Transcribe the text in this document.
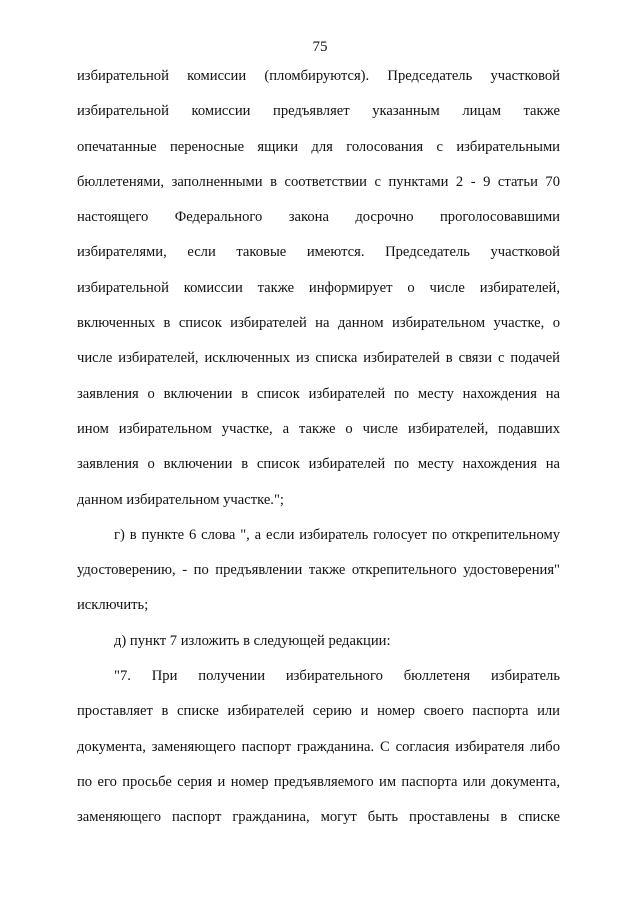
75
избирательной комиссии (пломбируются). Председатель участковой
избирательной комиссии предъявляет указанным лицам также
опечатанные переносные ящики для голосования с избирательными
бюллетенями, заполненными в соответствии с пунктами 2 - 9 статьи 70
настоящего Федерального закона досрочно проголосовавшими
избирателями, если таковые имеются. Председатель участковой
избирательной комиссии также информирует о числе избирателей,
включенных в список избирателей на данном избирательном участке, о
числе избирателей, исключенных из списка избирателей в связи с подачей
заявления о включении в список избирателей по месту нахождения на
ином избирательном участке, а также о числе избирателей, подавших
заявления о включении в список избирателей по месту нахождения на
данном избирательном участке.";
г) в пункте 6 слова ", а если избиратель голосует по открепительному
удостоверению, - по предъявлении также открепительного удостоверения"
исключить;
д) пункт 7 изложить в следующей редакции:
"7. При получении избирательного бюллетеня избиратель
проставляет в списке избирателей серию и номер своего паспорта или
документа, заменяющего паспорт гражданина. С согласия избирателя либо
по его просьбе серия и номер предъявляемого им паспорта или документа,
заменяющего паспорт гражданина, могут быть проставлены в списке
